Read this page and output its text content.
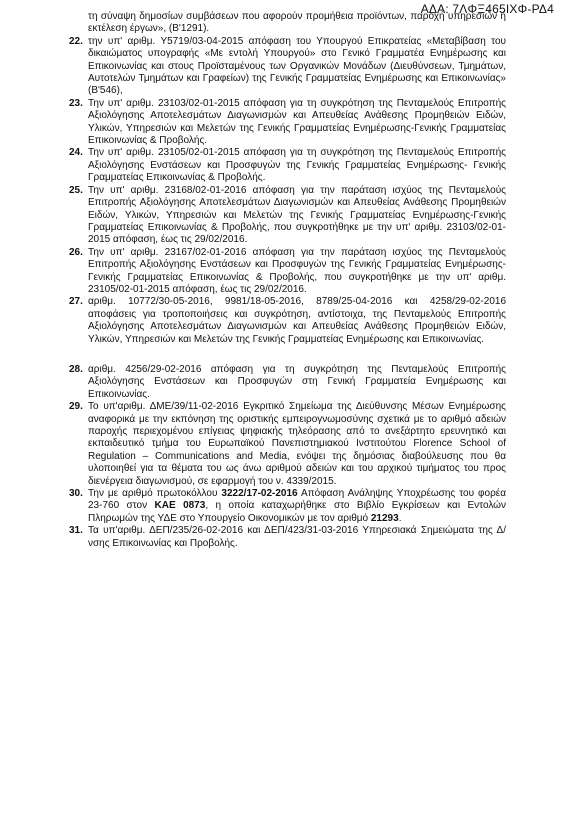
ΑΔΑ: 7ΛΦΞ465ΙΧΦ-ΡΔ4
τη σύναψη δημοσίων συμβάσεων που αφορούν προμήθεια προϊόντων, παροχή υπηρεσιών ή εκτέλεση έργων», (Β'1291).
22. την υπ' αριθμ. Υ5719/03-04-2015 απόφαση του Υπουργού Επικρατείας «Μεταβίβαση του δικαιώματος υπογραφής «Με εντολή Υπουργού» στο Γενικό Γραμματέα Ενημέρωσης και Επικοινωνίας και στους Προϊσταμένους των Οργανικών Μονάδων (Διευθύνσεων, Τμημάτων, Αυτοτελών Τμημάτων και Γραφείων) της Γενικής Γραμματείας Ενημέρωσης και Επικοινωνίας» (Β'546),
23. Την υπ' αριθμ. 23103/02-01-2015 απόφαση για τη συγκρότηση της Πενταμελούς Επιτροπής Αξιολόγησης Αποτελεσμάτων Διαγωνισμών και Απευθείας Ανάθεσης Προμηθειών Ειδών, Υλικών, Υπηρεσιών και Μελετών της Γενικής Γραμματείας Ενημέρωσης-Γενικής Γραμματείας Επικοινωνίας & Προβολής.
24. Την υπ' αριθμ. 23105/02-01-2015 απόφαση για τη συγκρότηση της Πενταμελούς Επιτροπής Αξιολόγησης Ενστάσεων και Προσφυγών της Γενικής Γραμματείας Ενημέρωσης- Γενικής Γραμματείας Επικοινωνίας & Προβολής.
25. Την υπ' αριθμ. 23168/02-01-2016 απόφαση για την παράταση ισχύος της Πενταμελούς Επιτροπής Αξιολόγησης Αποτελεσμάτων Διαγωνισμών και Απευθείας Ανάθεσης Προμηθειών Ειδών, Υλικών, Υπηρεσιών και Μελετών της Γενικής Γραμματείας Ενημέρωσης-Γενικής Γραμματείας Επικοινωνίας & Προβολής, που συγκροτήθηκε με την υπ' αριθμ. 23103/02-01-2015 απόφαση, έως τις 29/02/2016.
26. Την υπ' αριθμ. 23167/02-01-2016 απόφαση για την παράταση ισχύος της Πενταμελούς Επιτροπής Αξιολόγησης Ενστάσεων και Προσφυγών της Γενικής Γραμματείας Ενημέρωσης- Γενικής Γραμματείας Επικοινωνίας & Προβολής, που συγκροτήθηκε με την υπ' αριθμ. 23105/02-01-2015 απόφαση, έως τις 29/02/2016.
27. αριθμ. 10772/30-05-2016, 9981/18-05-2016, 8789/25-04-2016 και 4258/29-02-2016 αποφάσεις για τροποποιήσεις και συγκρότηση, αντίστοιχα, της Πενταμελούς Επιτροπής Αξιολόγησης Αποτελεσμάτων Διαγωνισμών και Απευθείας Ανάθεσης Προμηθειών Ειδών, Υλικών, Υπηρεσιών και Μελετών της Γενικής Γραμματείας Ενημέρωσης και Επικοινωνίας.
28. αριθμ. 4256/29-02-2016 απόφαση για τη συγκρότηση της Πενταμελούς Επιτροπής Αξιολόγησης Ενστάσεων και Προσφυγών στη Γενική Γραμματεία Ενημέρωσης και Επικοινωνίας.
29. Το υπ'αριθμ. ΔΜΕ/39/11-02-2016 Εγκριτικό Σημείωμα της Διεύθυνσης Μέσων Ενημέρωσης αναφορικά με την εκπόνηση της οριστικής εμπειρογνωμοσύνης σχετικά με το αριθμό αδειών παροχής περιεχομένου επίγειας ψηφιακής τηλεόρασης από το ανεξάρτητο ερευνητικό και εκπαιδευτικό τμήμα του Ευρωπαϊκού Πανεπιστημιακού Ινστιτούτου Florence School of Regulation – Communications and Media, ενόψει της δημόσιας διαβούλευσης που θα υλοποιηθεί για τα θέματα του ως άνω αριθμού αδειών και του αρχικού τιμήματος του προς διενέργεια διαγωνισμού, σε εφαρμογή του ν. 4339/2015.
30. Την με αριθμό πρωτοκόλλου 3222/17-02-2016 Απόφαση Ανάληψης Υποχρέωσης του φορέα 23-760 στον ΚΑΕ 0873, η οποία καταχωρήθηκε στο Βιβλίο Εγκρίσεων και Εντολών Πληρωμών της ΥΔΕ στο Υπουργείο Οικονομικών με τον αριθμό 21293.
31. Τα υπ'αριθμ. ΔΕΠ/235/26-02-2016 και ΔΕΠ/423/31-03-2016 Υπηρεσιακά Σημειώματα της Δ/νσης Επικοινωνίας και Προβολής.
